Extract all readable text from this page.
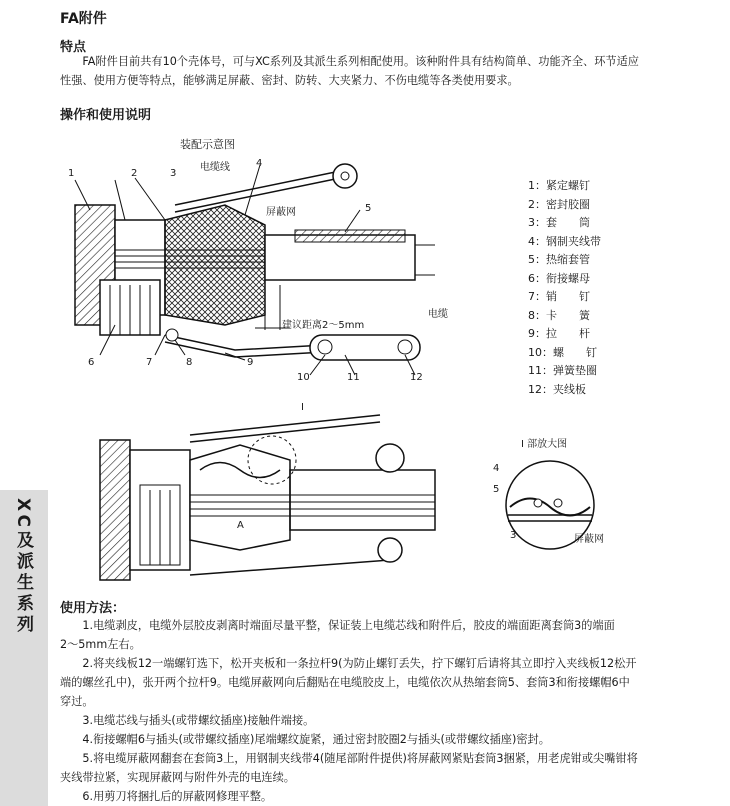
FA附件
特点
FA附件目前共有10个壳体号，可与XC系列及其派生系列相配使用。该种附件具有结构简单、功能齐全、环节适应
性强、使用方便等特点，能够满足屏蔽、密封、防转、大夹紧力、不伤电缆等各类使用要求。
操作和使用说明
装配示意图
电缆线
屏蔽网
电缆
建议距离2～5mm
1	2	3
4
5
6	7	8	9
10	11	12
1：紧定螺钉
2：密封胶圈
3：套　　筒
4：钢制夹线带
5：热缩套管
6：衔接螺母
7：销　　钉
8：卡　　簧
9：拉　　杆
10：螺　　钉
11：弹簧垫圈
12：夹线板
I
A
I 部放大图
4
5
3	屏蔽网
XC及派生系列 使用方法：

1.电缆剥皮，电缆外层胶皮剥离时端面尽量平整，保证装上电缆芯线和附件后，胶皮的端面距离套筒3的端面

2～5mm左右。

2.将夹线板12一端螺钉选下，松开夹板和一条拉杆9(为防止螺钉丢失，拧下螺钉后请将其立即拧入夹线板12松开

端的螺丝孔中)，张开两个拉杆9。电缆屏蔽网向后翻贴在电缆胶皮上，电缆依次从热缩套筒5、套筒3和衔接螺帽6中

穿过。

3.电缆芯线与插头(或带螺纹插座)接触件端接。

4.衔接螺帽6与插头(或带螺纹插座)尾端螺纹旋紧，通过密封胶圈2与插头(或带螺纹插座)密封。

5.将电缆屏蔽网翻套在套筒3上，用钢制夹线带4(随尾部附件提供)将屏蔽网紧贴套筒3捆紧，用老虎钳或尖嘴钳将

夹线带拉紧，实现屏蔽网与附件外壳的电连续。

6.用剪刀将捆扎后的屏蔽网修理平整。
